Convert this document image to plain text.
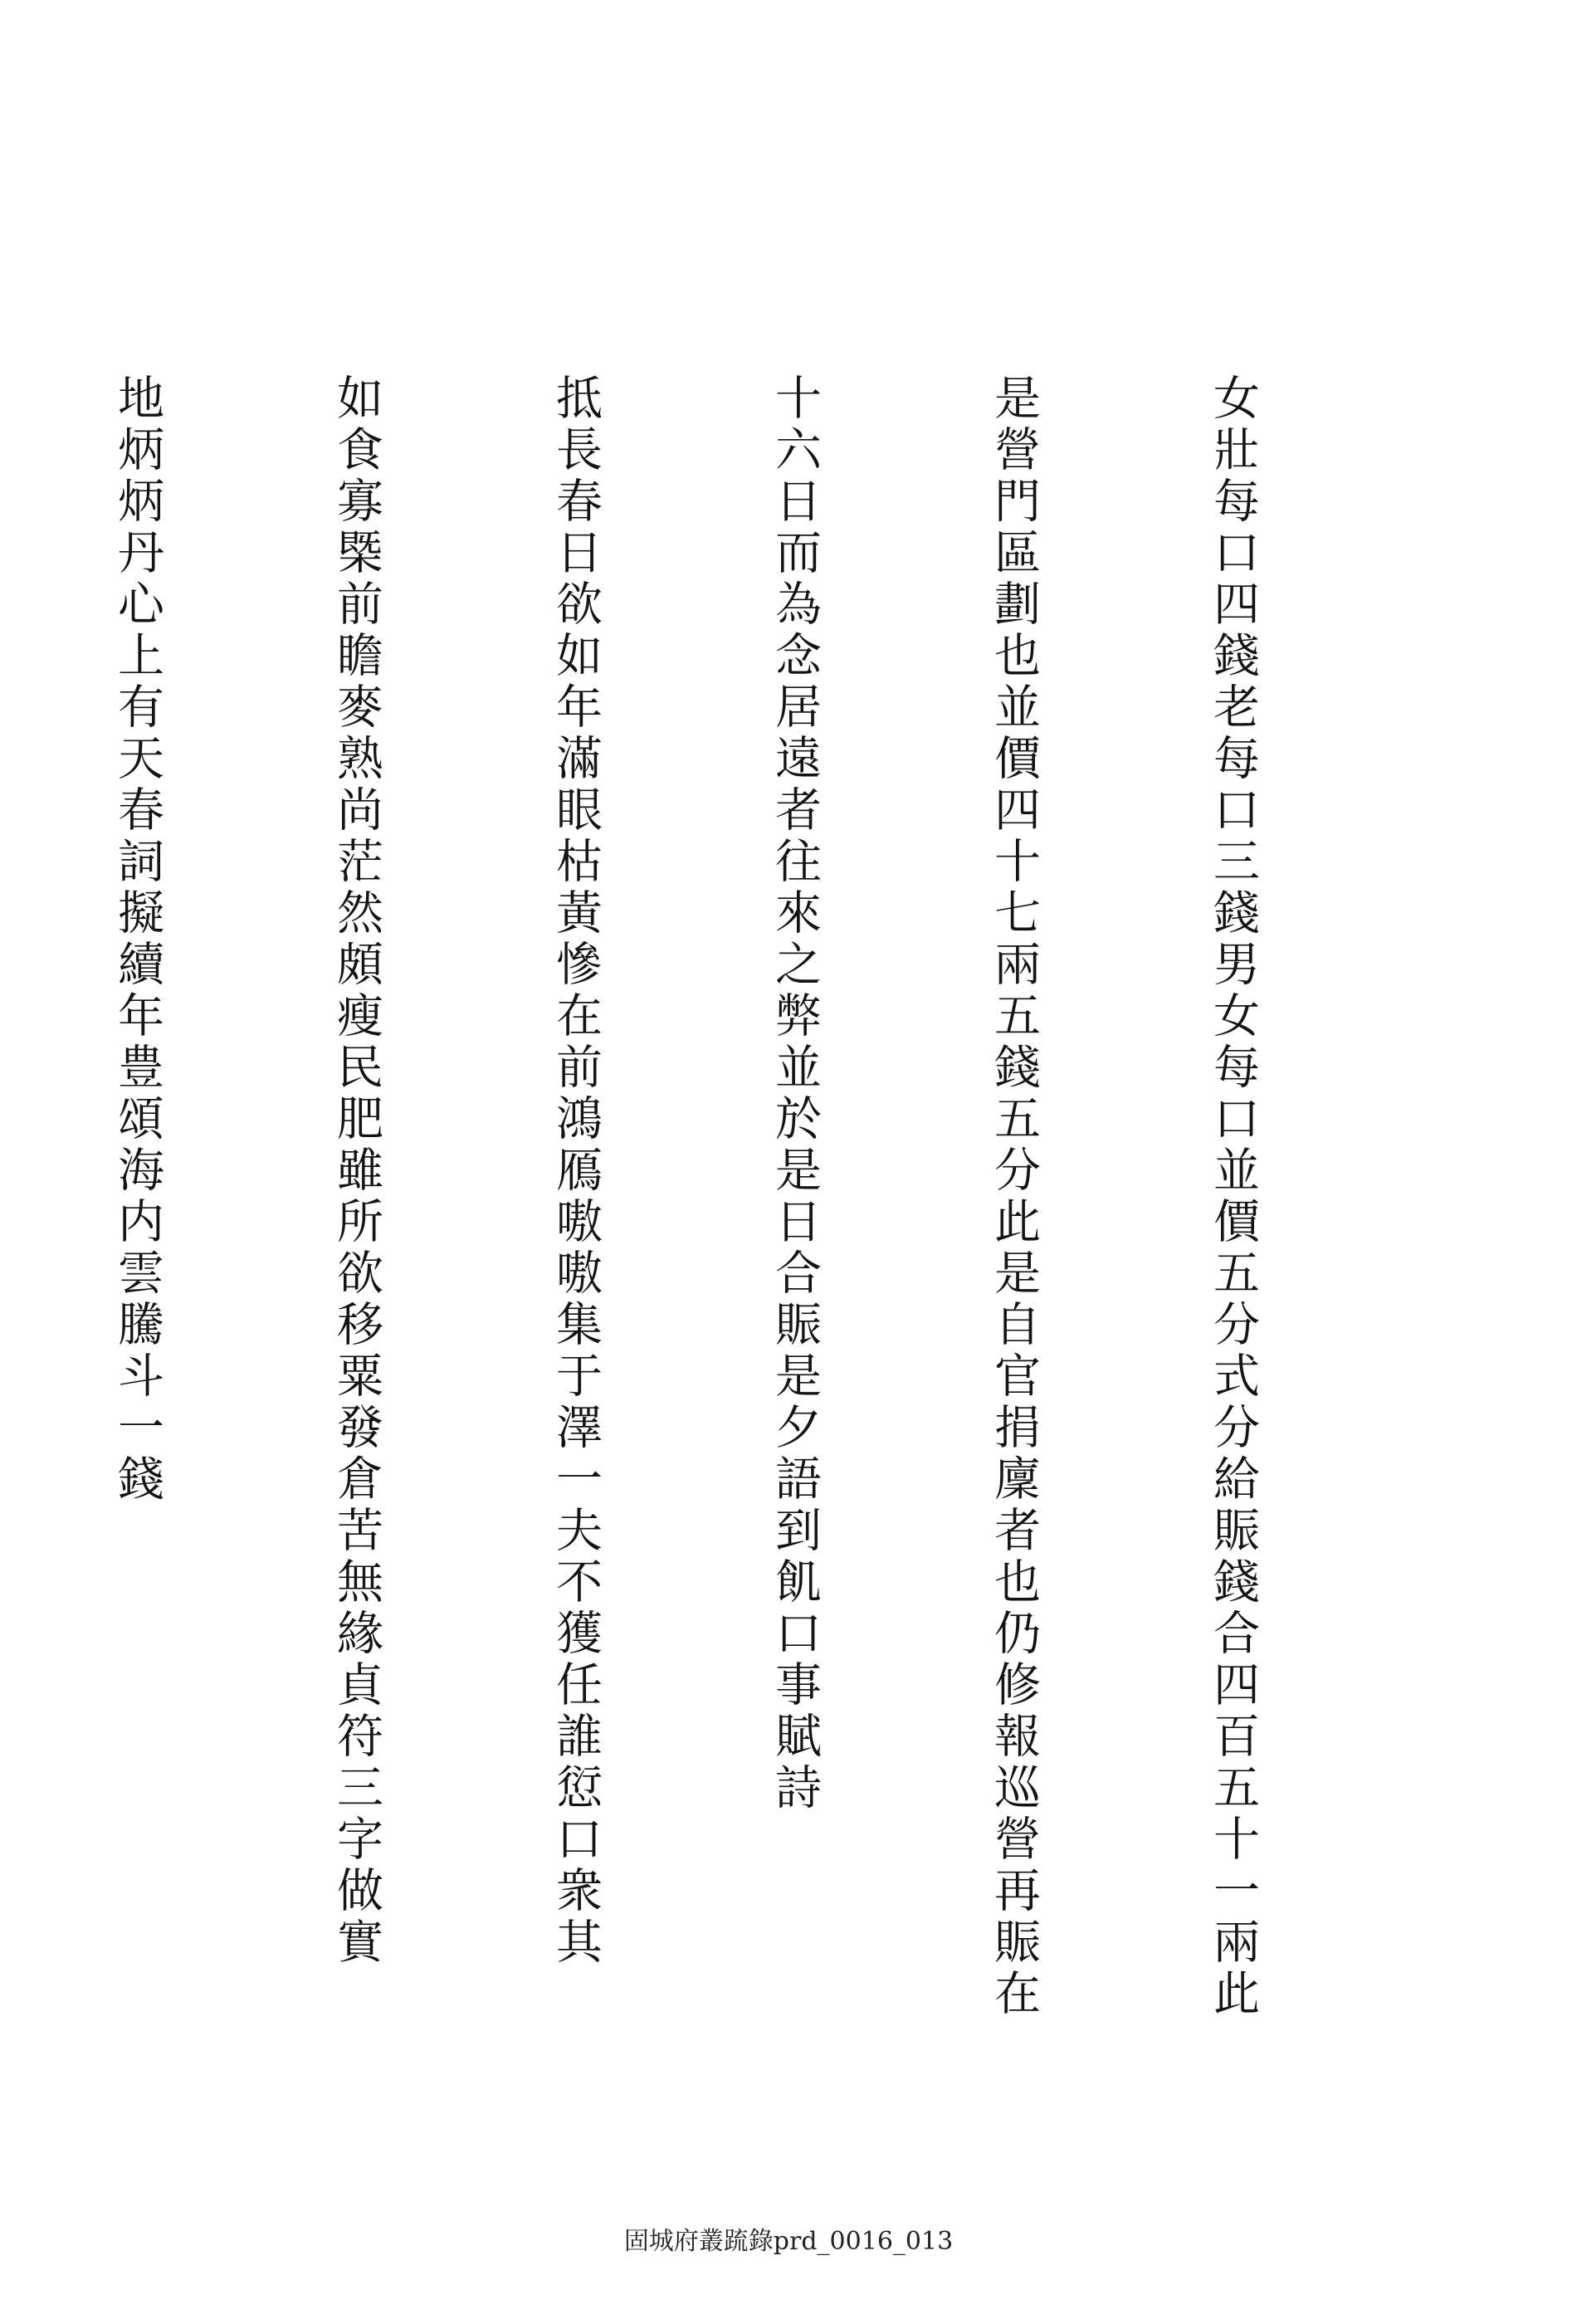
女壯每口四錢老每口三錢男女每口並價五分式分給賑錢合四百五十一兩此

是營門區劃也並價四十七兩五錢五分此是自官捐廩者也仍修報巡營再賑在

十六日而為念居遠者往來之弊並於是日合賑是夕語到飢口事賦詩

抵長春日欲如年滿眼枯黃慘在前鴻鴈嗷嗷集于澤一夫不獲任誰愆口衆其

如食寡㮣前瞻麥熟尚茫然頗瘦民肥雖所欲移粟發倉苦無緣貞符三字做實

地炳炳丹心上有天春詞擬續年豊頌海内雲騰斗一錢

固城府叢䟽錄prd_0016_013
